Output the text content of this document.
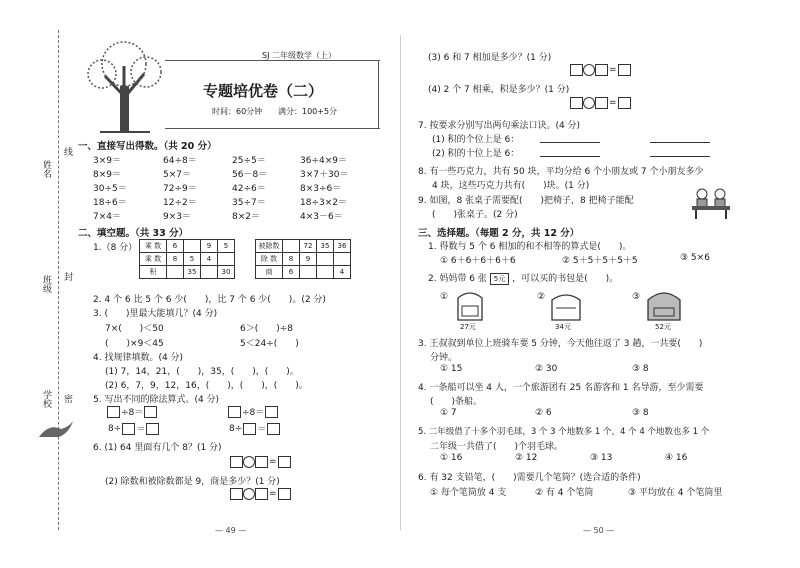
姓名
线
班级 封
学校 密
SJ 二年级数学（上）
专题培优卷（二）
时间：60分钟 满分：100+5分
一、直接写出得数。（共 20 分）
3×9＝	64÷8＝	25÷5＝	36÷4×9＝
8×9＝	5×7＝	56－8＝	3×7＋30＝
30÷5＝	72÷9＝	42÷6＝	8×3÷6＝
18÷6＝	12÷2＝	35÷7＝	18÷3×2＝
7×4＝	9×3＝	8×2＝	4×3－6＝
二、填空题。（共 33 分）
1.（8 分） 乘 数	6		9	5
乘 数	8	5	4	
积		35		30
被除数		72	35	36
除 数	8	9		
商	6			4
2. 4 个 6 比 5 个 6 少(　　)，比 7 个 6 少(　　)。(2 分)
3. (　　)里最大能填几？(4 分)
7×(　　)＜50	6＞(　　)÷8
(　　)×9＜45	5＜24÷(　　)
4. 找规律填数。(4 分)
(1) 7，14，21，(　　)，35，(　　)，(　　)。
(2) 6，7，9，12，16，(　　)，(　　)，(　　)。
5. 写出不同的除法算式。(4 分)
÷8＝	÷8＝
8÷ ＝	8÷ ＝
6. (1) 64 里面有几个 8？(1 分)
=
(2) 除数和被除数都是 9，商是多少？(1 分)
=
— 49 —
(3) 6 和 7 相加是多少？(1 分)
=
(4) 2 个 7 相乘，积是多少？(1 分)
=
7. 按要求分别写出两句乘法口诀。(4 分)
(1) 积的个位上是 6：
(2) 积的十位上是 6：
8. 有一些巧克力，共有 50 块，平均分给 6 个小朋友或 7 个小朋友多少
4 块，这些巧克力共有(　　)块。(1 分)
9. 如图，8 张桌子需要配(　　)把椅子，8 把椅子能配
(　　)张桌子。(2 分)
三、选择题。（每题 2 分，共 12 分）
1. 得数与 5 个 6 相加的和不相等的算式是(　　)。
① 6＋6＋6＋6＋6	② 5＋5＋5＋5＋5	③ 5×6
2. 妈妈带 6 张 5元 ，可以买的书包是(　　)。
①	②	③
27元	34元	52元
3. 王叔叔到单位上班骑车要 5 分钟，今天他往返了 3 趟，一共要(　　)
分钟。
① 15	② 30	③ 8
4. 一条船可以坐 4 人，一个旅游团有 25 名游客和 1 名导游，至少需要
(　　)条船。
① 7	② 6	③ 8
5. 二年级借了十多个羽毛球，3 个 3 个地数多 1 个，4 个 4 个地数也多 1 个
二年级一共借了(　　)个羽毛球。
① 16	② 12	③ 13	④ 16
6. 有 32 支铅笔，(　　)需要几个笔筒？(选合适的条件)
① 每个笔筒放 4 支	② 有 4 个笔筒	③ 平均放在 4 个笔筒里
— 50 —
